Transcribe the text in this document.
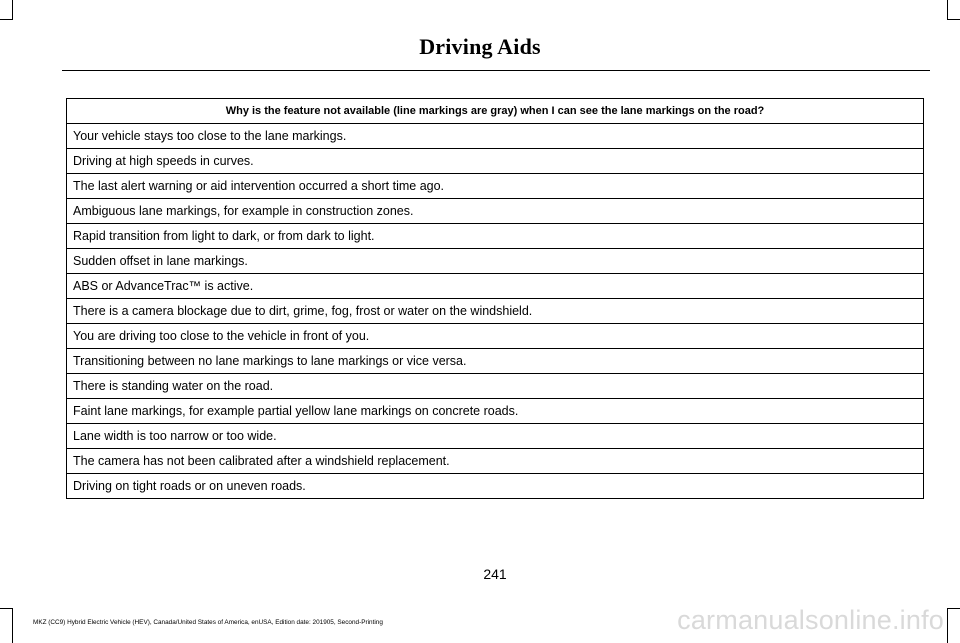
Driving Aids
Why is the feature not available (line markings are gray) when I can see the lane markings on the road?
Your vehicle stays too close to the lane markings.
Driving at high speeds in curves.
The last alert warning or aid intervention occurred a short time ago.
Ambiguous lane markings, for example in construction zones.
Rapid transition from light to dark, or from dark to light.
Sudden offset in lane markings.
ABS or AdvanceTrac™ is active.
There is a camera blockage due to dirt, grime, fog, frost or water on the windshield.
You are driving too close to the vehicle in front of you.
Transitioning between no lane markings to lane markings or vice versa.
There is standing water on the road.
Faint lane markings, for example partial yellow lane markings on concrete roads.
Lane width is too narrow or too wide.
The camera has not been calibrated after a windshield replacement.
Driving on tight roads or on uneven roads.
241
MKZ (CC9) Hybrid Electric Vehicle (HEV), Canada/United States of America, enUSA, Edition date: 201905, Second-Printing	carmanualsonline.info
